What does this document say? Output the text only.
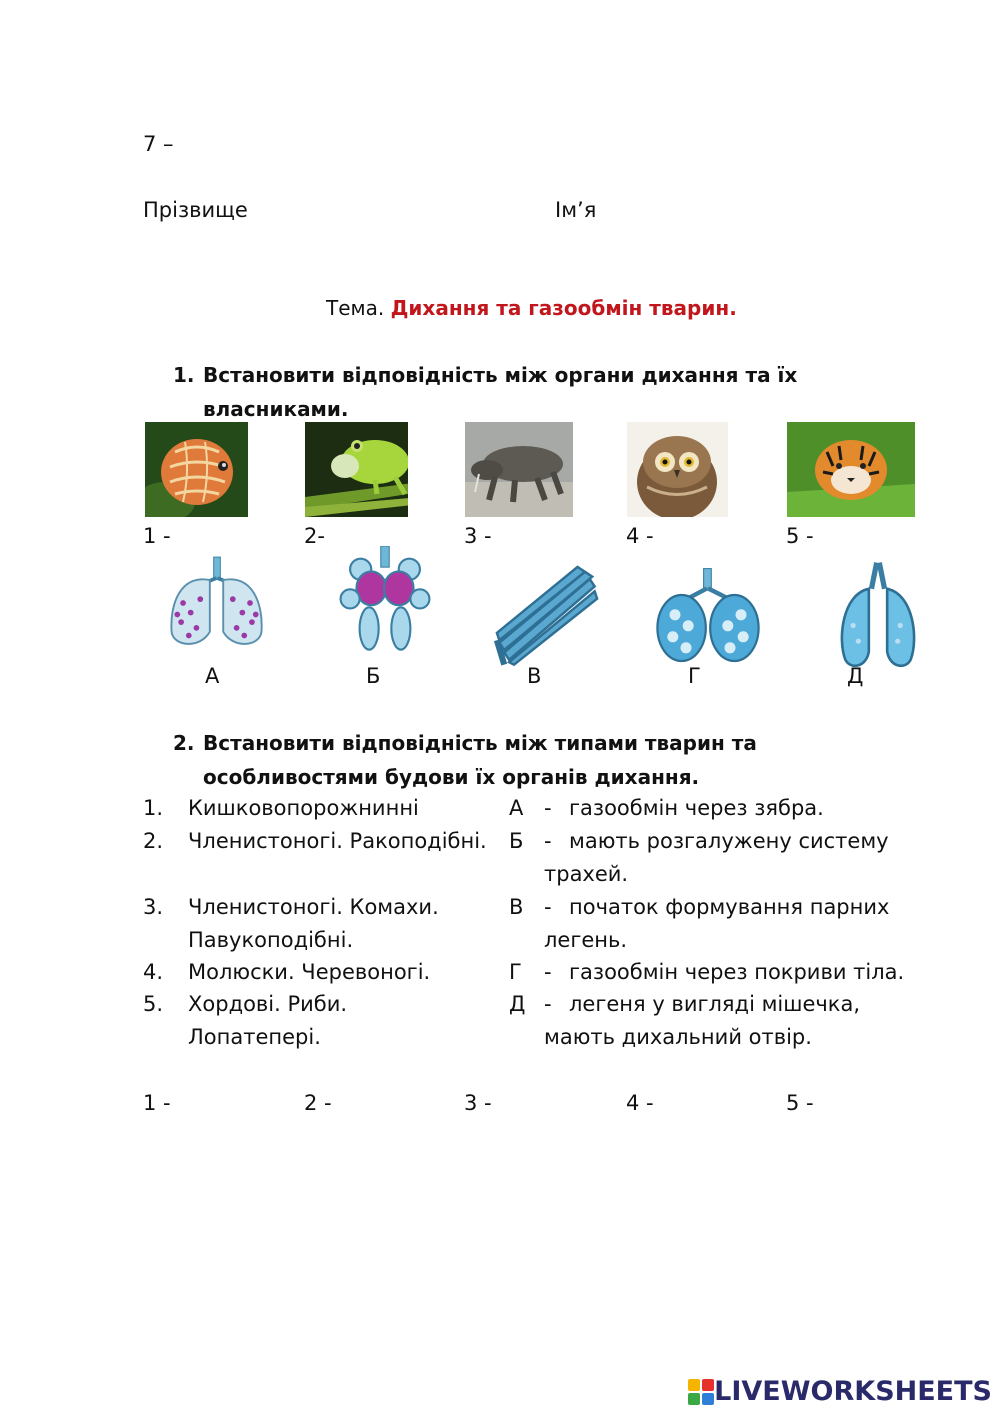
7 –
Прізвище	Ім’я
Тема. Дихання та газообмін тварин.
1. Встановити відповідність між органи дихання та їх
власниками.
1 -	2-	3 -	4 -	5 -
А	Б	В	Г	Д
2. Встановити відповідність між типами тварин та
особливостями будови їх органів дихання.
1. Кишковопорожнинні
2. Членистоногі. Ракоподібні.
3. Членистоногі. Комахи.
Павукоподібні.
4. Молюски. Черевоногі.
5. Хордові. Риби.
Лопатепері.
А - газообмін через зябра.
Б - мають розгалужену систему
трахей.
В - початок формування парних
легень.
Г - газообмін через покриви тіла.
Д - легеня у вигляді мішечка,
мають дихальний отвір.
1 -	2 -	3 -	4 -	5 -
LIVEWORKSHEETS
